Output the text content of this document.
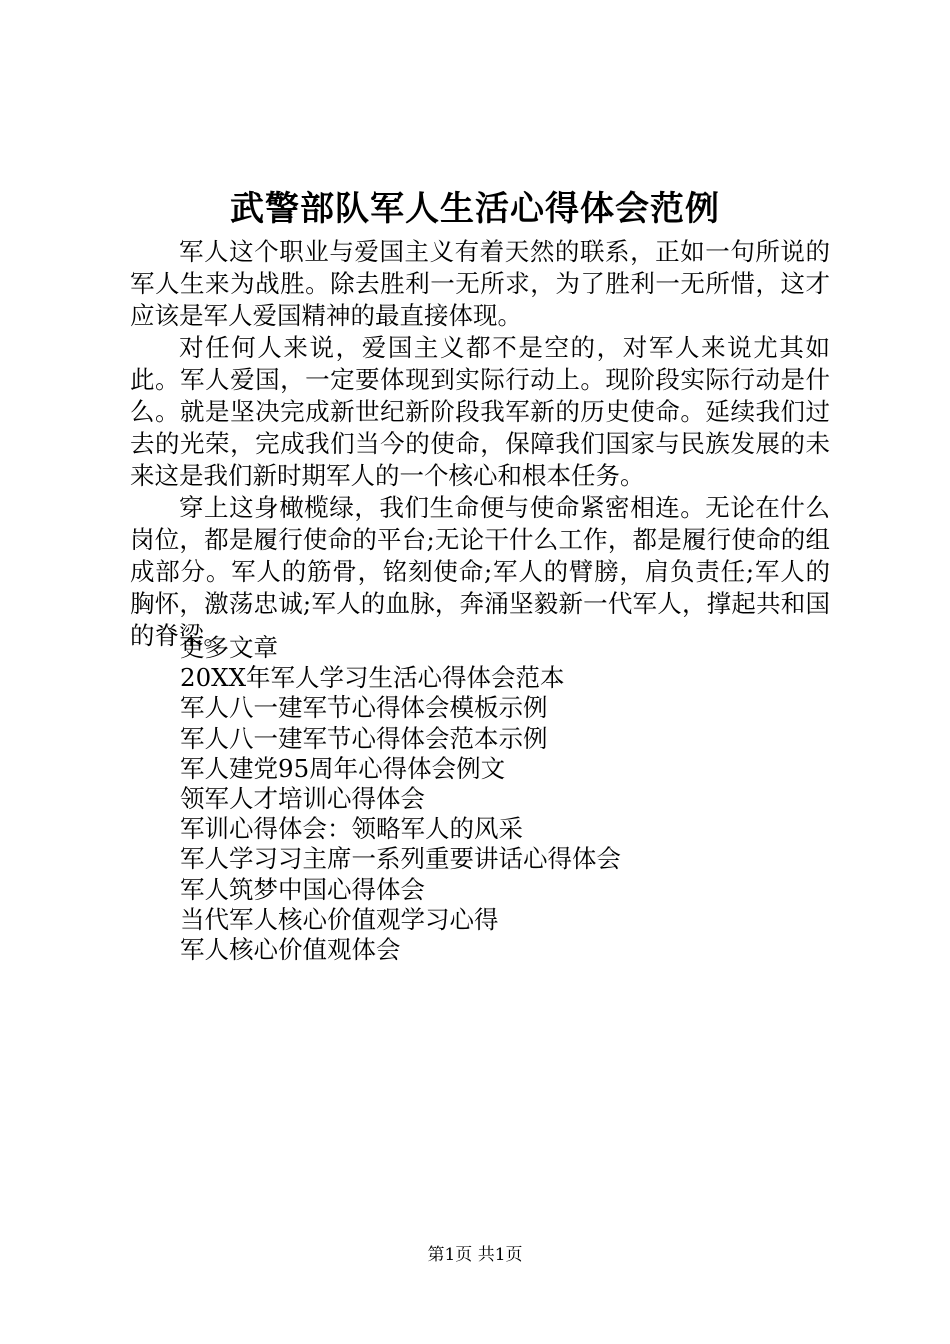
武警部队军人生活心得体会范例

军人这个职业与爱国主义有着天然的联系，正如一句所说的军人生来为战胜。除去胜利一无所求，为了胜利一无所惜，这才应该是军人爱国精神的最直接体现。

对任何人来说，爱国主义都不是空的，对军人来说尤其如此。军人爱国，一定要体现到实际行动上。现阶段实际行动是什么。就是坚决完成新世纪新阶段我军新的历史使命。延续我们过去的光荣，完成我们当今的使命，保障我们国家与民族发展的未来这是我们新时期军人的一个核心和根本任务。

穿上这身橄榄绿，我们生命便与使命紧密相连。无论在什么岗位，都是履行使命的平台;无论干什么工作，都是履行使命的组成部分。军人的筋骨，铭刻使命;军人的臂膀，肩负责任;军人的胸怀，激荡忠诚;军人的血脉，奔涌坚毅新一代军人，撑起共和国的脊梁。

更多文章
20XX年军人学习生活心得体会范本
军人八一建军节心得体会模板示例
军人八一建军节心得体会范本示例
军人建党95周年心得体会例文
领军人才培训心得体会
军训心得体会：领略军人的风采
军人学习习主席一系列重要讲话心得体会
军人筑梦中国心得体会
当代军人核心价值观学习心得
军人核心价值观体会
第1页 共1页
